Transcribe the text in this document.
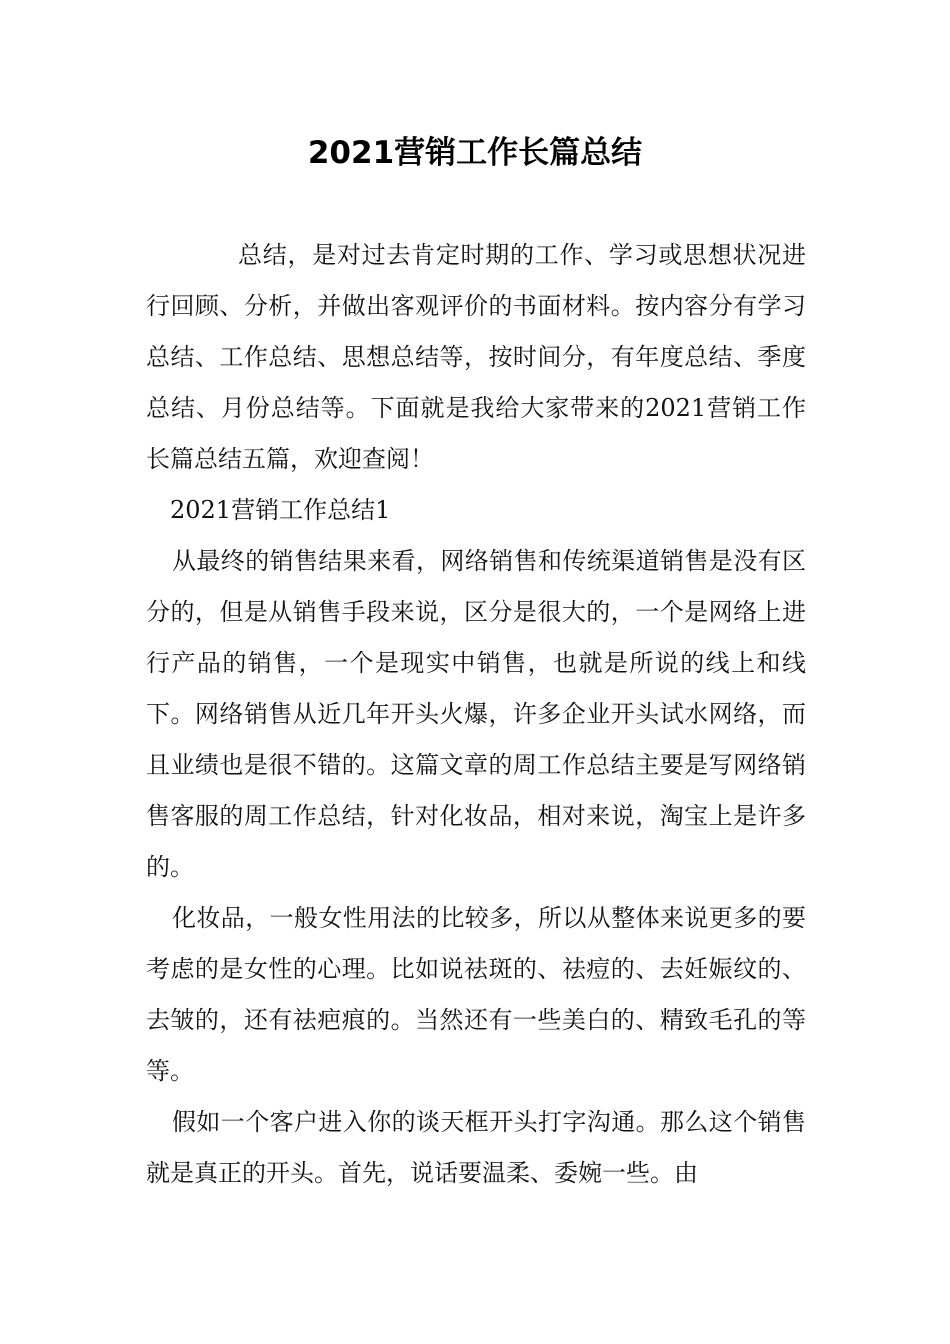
2021营销工作长篇总结

总结，是对过去肯定时期的工作、学习或思想状况进行回顾、分析，并做出客观评价的书面材料。按内容分有学习总结、工作总结、思想总结等，按时间分，有年度总结、季度总结、月份总结等。下面就是我给大家带来的2021营销工作长篇总结五篇，欢迎查阅！

2021营销工作总结1

从最终的销售结果来看，网络销售和传统渠道销售是没有区分的，但是从销售手段来说，区分是很大的，一个是网络上进行产品的销售，一个是现实中销售，也就是所说的线上和线下。网络销售从近几年开头火爆，许多企业开头试水网络，而且业绩也是很不错的。这篇文章的周工作总结主要是写网络销售客服的周工作总结，针对化妆品，相对来说，淘宝上是许多的。

化妆品，一般女性用法的比较多，所以从整体来说更多的要考虑的是女性的心理。比如说祛斑的、祛痘的、去妊娠纹的、去皱的，还有祛疤痕的。当然还有一些美白的、精致毛孔的等等。

假如一个客户进入你的谈天框开头打字沟通。那么这个销售就是真正的开头。首先，说话要温柔、委婉一些。由
